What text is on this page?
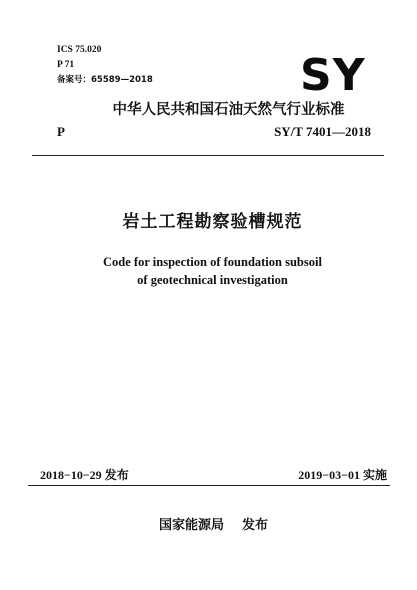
ICS 75.020
P 71
备案号：65589—2018	SY
中华人民共和国石油天然气行业标准
P	SY/T 7401—2018
岩土工程勘察验槽规范
Code for inspection of foundation subsoil
of geotechnical investigation
2018−10−29 发布	2019−03−01 实施
国家能源局 发布
